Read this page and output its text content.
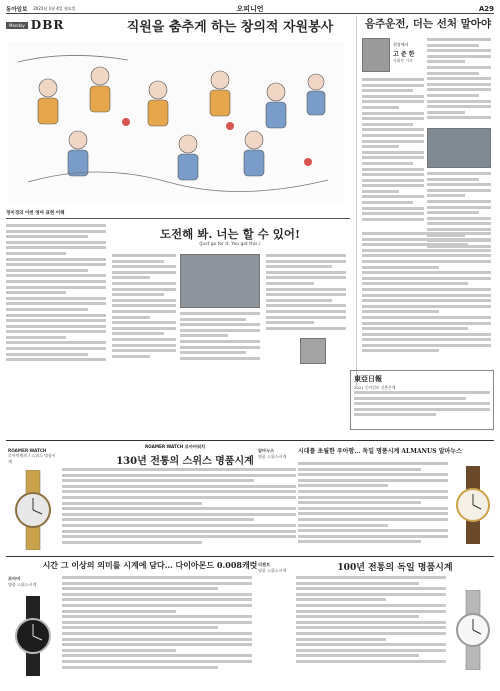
동아일보 2021년 1월 4일 월요일	오피니언	A29
Monday DBR	직원을 춤추게 하는 창의적 자원봉사	음주운전, 더는 선처 말아야
현장에서
고 준 한
사회부 기자
정미경의 이번 영어 표현 이해
도전해 봐. 너는 할 수 있어!
(Just go for it. You got this.)
東亞日報
2021 동아일보 신춘문예
ROAMER WATCH
로아머워치 / 스위스 명품시계
ROAMER WATCH 로아머워치
130년 전통의 스위스 명품시계
알마누스
명품 스위스시계
시대를 초월한 우아함… 독일 명품시계 ALMANUS 알마누스
시간 그 이상의 의미를 시계에 담다… 다이아몬드 0.008캐럿
로아머
명품 스위스시계
리젠트
명품 스위스시계	100년 전통의 독일 명품시계
